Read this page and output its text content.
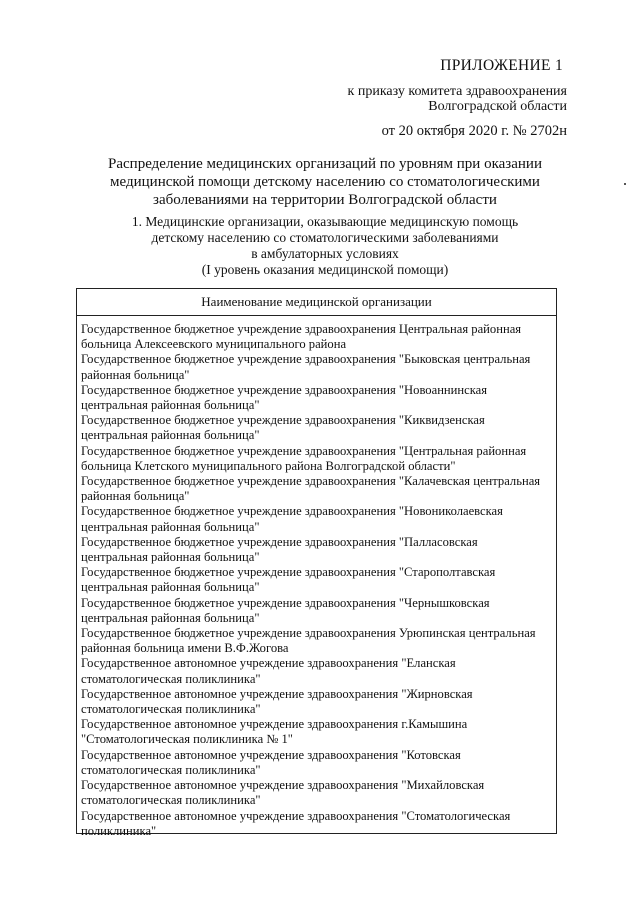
ПРИЛОЖЕНИЕ 1
к приказу комитета здравоохранения
Волгоградской области
от 20 октября 2020 г. № 2702н
Распределение медицинских организаций по уровням при оказании медицинской помощи детскому населению со стоматологическими заболеваниями на территории Волгоградской области
1. Медицинские организации, оказывающие медицинскую помощь
детскому населению со стоматологическими заболеваниями
в амбулаторных условиях
(I уровень оказания медицинской помощи)
Наименование медицинской организации
Государственное бюджетное учреждение здравоохранения Центральная районная
больница Алексеевского муниципального района
Государственное бюджетное учреждение здравоохранения "Быковская центральная
районная больница"
Государственное бюджетное учреждение здравоохранения "Новоаннинская
центральная районная больница"
Государственное бюджетное учреждение здравоохранения "Киквидзенская
центральная районная больница"
Государственное бюджетное учреждение здравоохранения "Центральная районная
больница Клетского муниципального района Волгоградской области"
Государственное бюджетное учреждение здравоохранения "Калачевская центральная
районная больница"
Государственное бюджетное учреждение здравоохранения "Новониколаевская
центральная районная больница"
Государственное бюджетное учреждение здравоохранения "Палласовская
центральная районная больница"
Государственное бюджетное учреждение здравоохранения "Старополтавская
центральная районная больница"
Государственное бюджетное учреждение здравоохранения "Чернышковская
центральная районная больница"
Государственное бюджетное учреждение здравоохранения Урюпинская центральная
районная больница имени В.Ф.Жогова
Государственное автономное учреждение здравоохранения "Еланская
стоматологическая поликлиника"
Государственное автономное учреждение здравоохранения "Жирновская
стоматологическая поликлиника"
Государственное автономное учреждение здравоохранения г.Камышина
"Стоматологическая поликлиника № 1"
Государственное автономное учреждение здравоохранения "Котовская
стоматологическая поликлиника"
Государственное автономное учреждение здравоохранения "Михайловская
стоматологическая поликлиника"
Государственное автономное учреждение здравоохранения "Стоматологическая
поликлиника"
